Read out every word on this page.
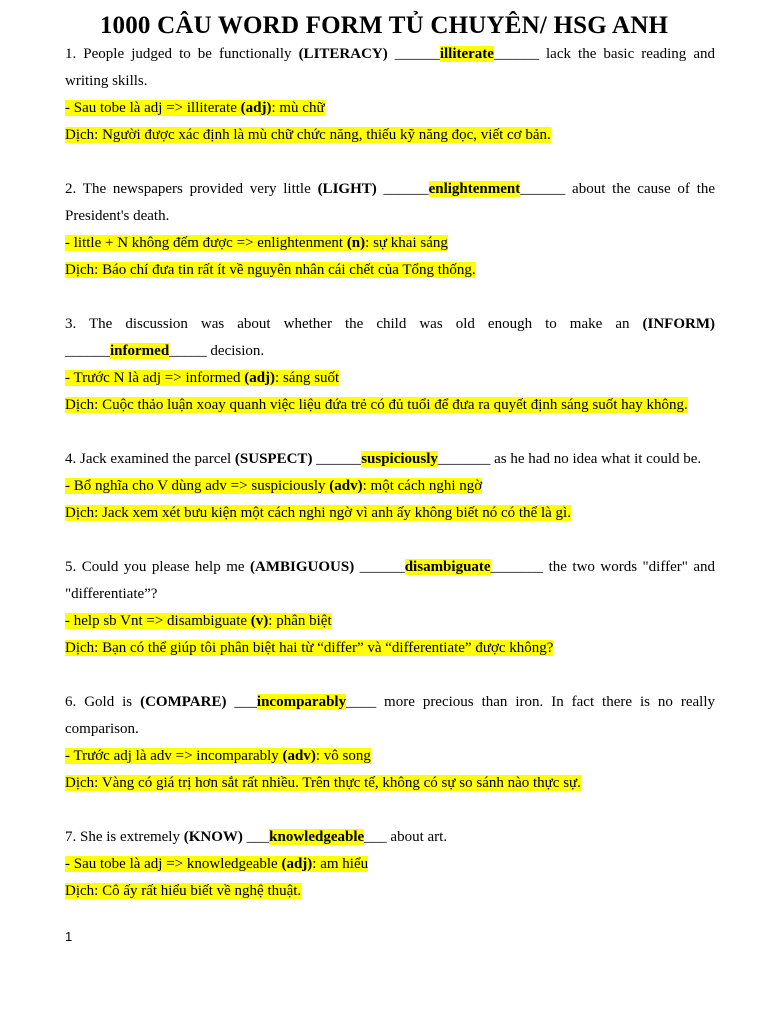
1000 CÂU WORD FORM TỦ CHUYÊN/ HSG ANH

1. People judged to be functionally (LITERACY) ______illiterate______ lack the basic reading and writing skills.

- Sau tobe là adj => illiterate (adj): mù chữ

Dịch: Người được xác định là mù chữ chức năng, thiếu kỹ năng đọc, viết cơ bản.

2. The newspapers provided very little (LIGHT) ______enlightenment______ about the cause of the President's death.

- little + N không đếm được => enlightenment (n): sự khai sáng

Dịch: Báo chí đưa tin rất ít về nguyên nhân cái chết của Tổng thống.

3. The discussion was about whether the child was old enough to make an (INFORM) ______informed_____ decision.

- Trước N là adj => informed (adj): sáng suốt

Dịch: Cuộc thảo luận xoay quanh việc liệu đứa trẻ có đủ tuổi để đưa ra quyết định sáng suốt hay không.

4. Jack examined the parcel (SUSPECT) ______suspiciously_______ as he had no idea what it could be.

- Bổ nghĩa cho V dùng adv => suspiciously (adv): một cách nghi ngờ

Dịch: Jack xem xét bưu kiện một cách nghi ngờ vì anh ấy không biết nó có thể là gì.

5. Could you please help me (AMBIGUOUS) ______disambiguate_______ the two words "differ" and "differentiate”?

- help sb Vnt => disambiguate (v): phân biệt

Dịch: Bạn có thể giúp tôi phân biệt hai từ “differ” và “differentiate” được không?

6. Gold is (COMPARE) ___incomparably____ more precious than iron. In fact there is no really comparison.

- Trước adj là adv => incomparably (adv): vô song

Dịch: Vàng có giá trị hơn sắt rất nhiều. Trên thực tế, không có sự so sánh nào thực sự.

7. She is extremely (KNOW) ___knowledgeable___ about art.

- Sau tobe là adj => knowledgeable (adj): am hiểu

Dịch: Cô ấy rất hiểu biết về nghệ thuật.

1
